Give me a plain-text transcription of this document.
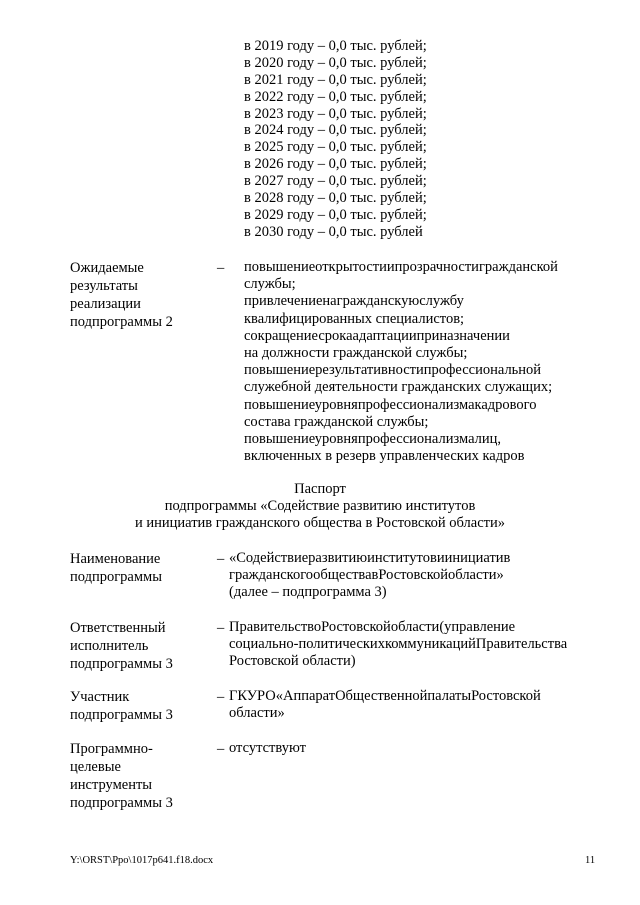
в 2019 году – 0,0 тыс. рублей;
в 2020 году – 0,0 тыс. рублей;
в 2021 году – 0,0 тыс. рублей;
в 2022 году – 0,0 тыс. рублей;
в 2023 году – 0,0 тыс. рублей;
в 2024 году – 0,0 тыс. рублей;
в 2025 году – 0,0 тыс. рублей;
в 2026 году – 0,0 тыс. рублей;
в 2027 году – 0,0 тыс. рублей;
в 2028 году – 0,0 тыс. рублей;
в 2029 году – 0,0 тыс. рублей;
в 2030 году – 0,0 тыс. рублей
Ожидаемые
результаты
реализации
подпрограммы 2
–	повышениеоткрытостиипрозрачностигражданской
службы;
привлечениенагражданскуюслужбу
квалифицированных специалистов;
сокращениесрокаадаптацииприназначении
на должности гражданской службы;
повышениерезультативностипрофессиональной
служебной деятельности гражданских служащих;
повышениеуровняпрофессионализмакадрового
состава гражданской службы;
повышениеуровняпрофессионализмалиц,
включенных в резерв управленческих кадров
Паспорт
подпрограммы «Содействие развитию институтов
и инициатив гражданского общества в Ростовской области»
Наименование
подпрограммы
– «Содействиеразвитиюинститутовиинициатив
гражданскогообществавРостовскойобласти»
(далее – подпрограмма 3)
Ответственный
исполнитель
подпрограммы 3
– ПравительствоРостовскойобласти(управление
социально-политическихкоммуникацийПравительства
Ростовской области)
Участник
подпрограммы 3
– ГКУРО«АппаратОбщественнойпалатыРостовской
области»
Программно-
целевые
инструменты
подпрограммы 3
– отсутствуют
Y:\ORST\Ppo\1017p641.f18.docx	11
